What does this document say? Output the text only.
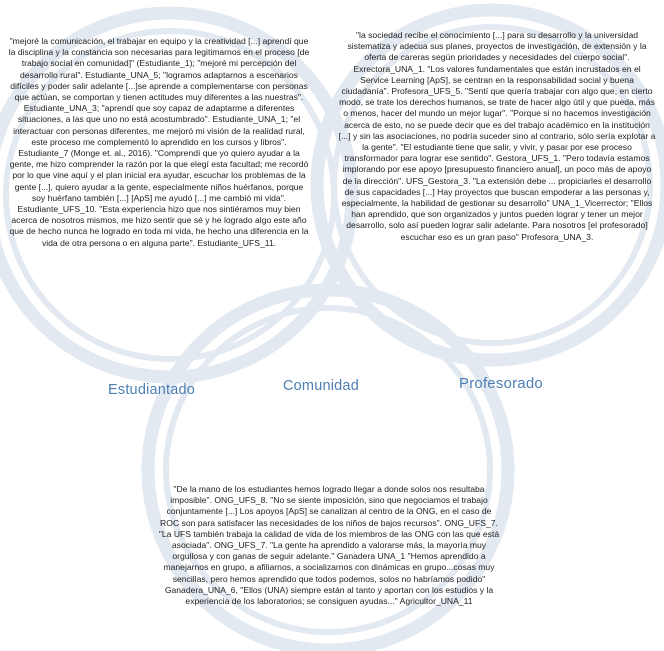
"mejoré la comunicación, el trabajar en equipo y la creatividad [...] aprendí que la disciplina y la constancia son necesarias para legitimarnos en el proceso [de trabajo social en comunidad]" (Estudiante_1); "mejoré mi percepción del desarrollo rural". Estudiante_UNA_5; "logramos adaptarnos a escenarios difíciles y poder salir adelante [...]se aprende a complementarse con personas que actúan, se comportan y tienen actitudes muy diferentes a las nuestras". Estudiante_UNA_3; "aprendí que soy capaz de adaptarme a diferentes situaciones, a las que uno no está acostumbrado". Estudiante_UNA_1; "el interactuar con personas diferentes, me mejoró mi visión de la realidad rural, este proceso me complementó lo aprendido en los cursos y libros". Estudiante_7 (Monge et. al., 2016). "Comprendí que yo quiero ayudar a la gente, me hizo comprender la razón por la que elegí esta facultad; me recordó por lo que vine aquí y el plan inicial era ayudar, escuchar los problemas de la gente [...], quiero ayudar a la gente, especialmente niños huérfanos, porque soy huérfano también [...] [ApS] me ayudó [...] me cambió mi vida". Estudiante_UFS_10. "Esta experiencia hizo que nos sintiéramos muy bien acerca de nosotros mismos, me hizo sentir que sé y he logrado algo este año que de hecho nunca he logrado en toda mi vida, he hecho una diferencia en la vida de otra persona o en alguna parte". Estudiante_UFS_11.
"la sociedad recibe el conocimiento [...] para su desarrollo y la universidad sistematiza y adecua sus planes, proyectos de investigación, de extensión y la oferta de careras según prioridades y necesidades del cuerpo social". Exrectora_UNA_1. "Los valores fundamentales que están incrustados en el Service Learning [ApS], se centran en la responsabilidad social y buena ciudadanía". Profesora_UFS_5. "Sentí que quería trabajar con algo que, en cierto modo, se trate los derechos humanos, se trate de hacer algo útil y que pueda, más o menos, hacer del mundo un mejor lugar". "Porque si no hacemos investigación acerca de esto, no se puede decir que es del trabajo académico en la institución [...] y sin las asociaciones, no podría suceder sino al contrario, sólo sería explotar a la gente". "El estudiante tiene que salir, y vivir, y pasar por ese proceso transformador para lograr ese sentido". Gestora_UFS_1. "Pero todavía estamos implorando por ese apoyo [presupuesto financiero anual], un poco más de apoyo de la dirección". UFS_Gestora_3. "La extensión debe ... propiciarles el desarrollo de sus capacidades [...] Hay proyectos que buscan empoderar a las personas y, especialmente, la habilidad de gestionar su desarrollo" UNA_1_Vicerrector; "Ellos han aprendido, que son organizados y juntos pueden lograr y tener un mejor desarrollo, solo así pueden lograr salir adelante. Para nosotros [el profesorado] escuchar eso es un gran paso" Profesora_UNA_3.
"De la mano de los estudiantes hemos logrado llegar a donde solos nos resultaba imposible". ONG_UFS_8. "No se siente imposición, sino que negociamos el trabajo conjuntamente [...] Los apoyos [ApS] se canalizan al centro de la ONG, en el caso de ROC son para satisfacer las necesidades de los niños de bajos recursos". ONG_UFS_7. "La UFS también trabaja la calidad de vida de los miembros de las ONG con las que está asociada". ONG_UFS_7. "La gente ha aprendido a valorarse más, la mayoría muy orgullosa y con ganas de seguir adelante." Ganadera UNA_1 "Hemos aprendido a manejarnos en grupo, a afiliarnos, a socializarnos con dinámicas en grupo...cosas muy sencillas, pero hemos aprendido que todos podemos, solos no habríamos podido" Ganadera_UNA_6, "Ellos (UNA) siempre están al tanto y aportan con los estudios y la experiencia de los laboratorios; se consiguen ayudas..." Agricultor_UNA_11
Estudiantado	Comunidad	Profesorado
